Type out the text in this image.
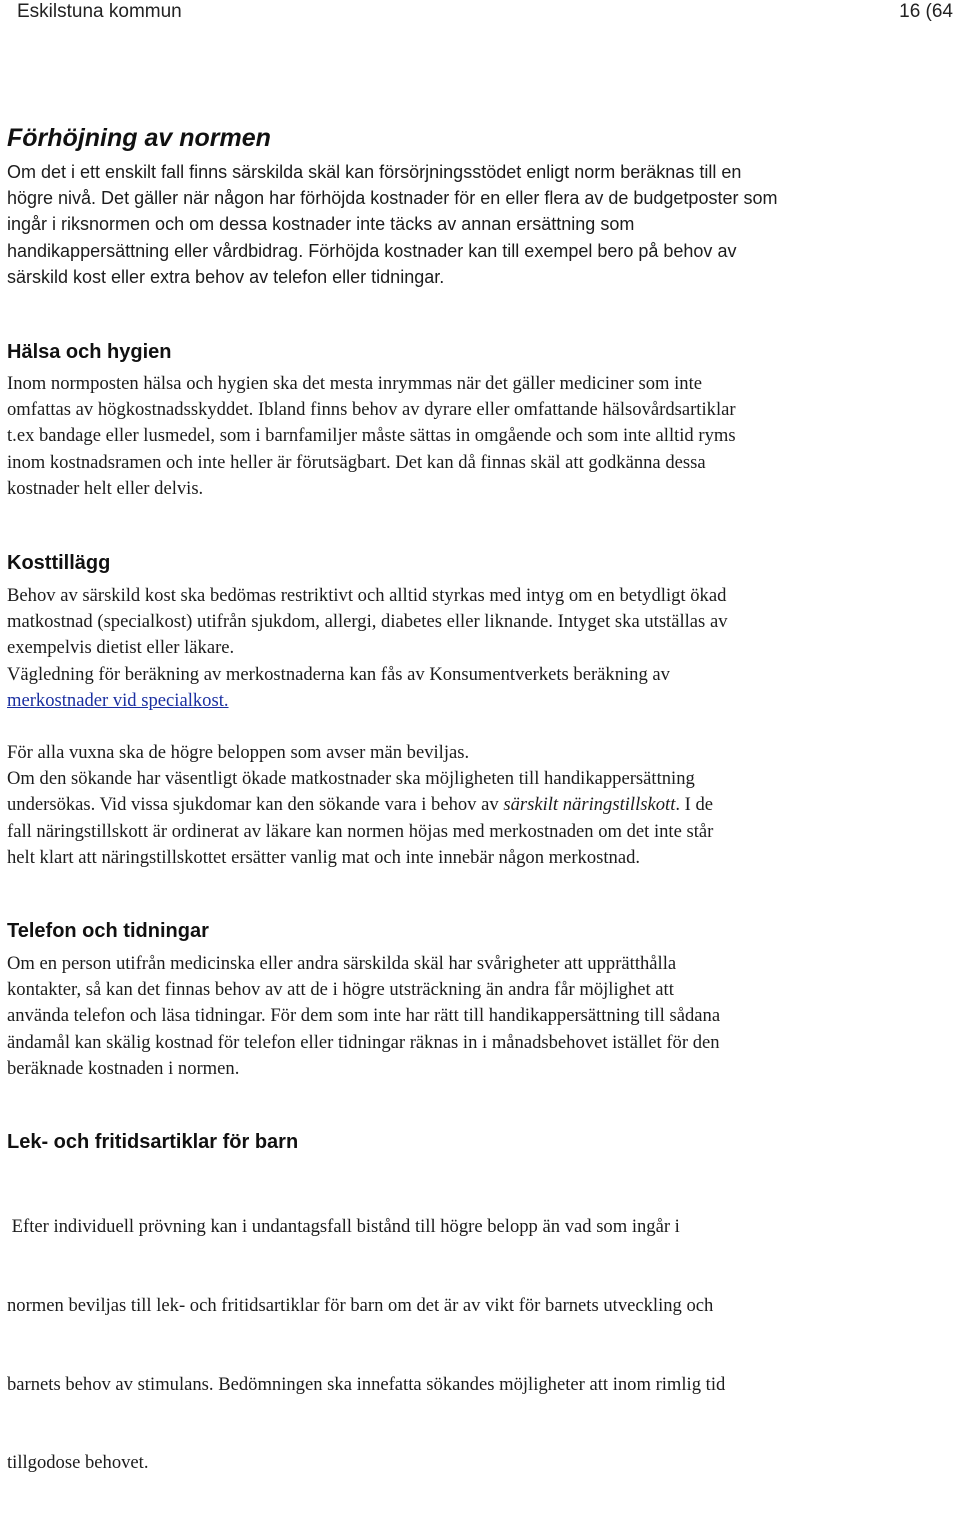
Eskilstuna kommun	16 (64
Förhöjning av normen
Om det i ett enskilt fall finns särskilda skäl kan försörjningsstödet enligt norm beräknas till en
högre nivå. Det gäller när någon har förhöjda kostnader för en eller flera av de budgetposter som
ingår i riksnormen och om dessa kostnader inte täcks av annan ersättning som
handikappersättning eller vårdbidrag. Förhöjda kostnader kan till exempel bero på behov av
särskild kost eller extra behov av telefon eller tidningar.
Hälsa och hygien
Inom normposten hälsa och hygien ska det mesta inrymmas när det gäller mediciner som inte
omfattas av högkostnadsskyddet. Ibland finns behov av dyrare eller omfattande hälsovårdsartiklar
t.ex bandage eller lusmedel, som i barnfamiljer måste sättas in omgående och som inte alltid ryms
inom kostnadsramen och inte heller är förutsägbart. Det kan då finnas skäl att godkänna dessa
kostnader helt eller delvis.
Kosttillägg
Behov av särskild kost ska bedömas restriktivt och alltid styrkas med intyg om en betydligt ökad
matkostnad (specialkost) utifrån sjukdom, allergi, diabetes eller liknande. Intyget ska utställas av
exempelvis dietist eller läkare.
Vägledning för beräkning av merkostnaderna kan fås av Konsumentverkets beräkning av
merkostnader vid specialkost.
För alla vuxna ska de högre beloppen som avser män beviljas.
Om den sökande har väsentligt ökade matkostnader ska möjligheten till handikappersättning
undersökas. Vid vissa sjukdomar kan den sökande vara i behov av särskilt näringstillskott. I de
fall näringstillskott är ordinerat av läkare kan normen höjas med merkostnaden om det inte står
helt klart att näringstillskottet ersätter vanlig mat och inte innebär någon merkostnad.
Telefon och tidningar
Om en person utifrån medicinska eller andra särskilda skäl har svårigheter att upprätthålla
kontakter, så kan det finnas behov av att de i högre utsträckning än andra får möjlighet att
använda telefon och läsa tidningar. För dem som inte har rätt till handikappersättning till sådana
ändamål kan skälig kostnad för telefon eller tidningar räknas in i månadsbehovet istället för den
beräknade kostnaden i normen.
Lek- och fritidsartiklar för barn

Efter individuell prövning kan i undantagsfall bistånd till högre belopp än vad som ingår i

normen beviljas till lek- och fritidsartiklar för barn om det är av vikt för barnets utveckling och

barnets behov av stimulans. Bedömningen ska innefatta sökandes möjligheter att inom rimlig tid

tillgodose behovet.
